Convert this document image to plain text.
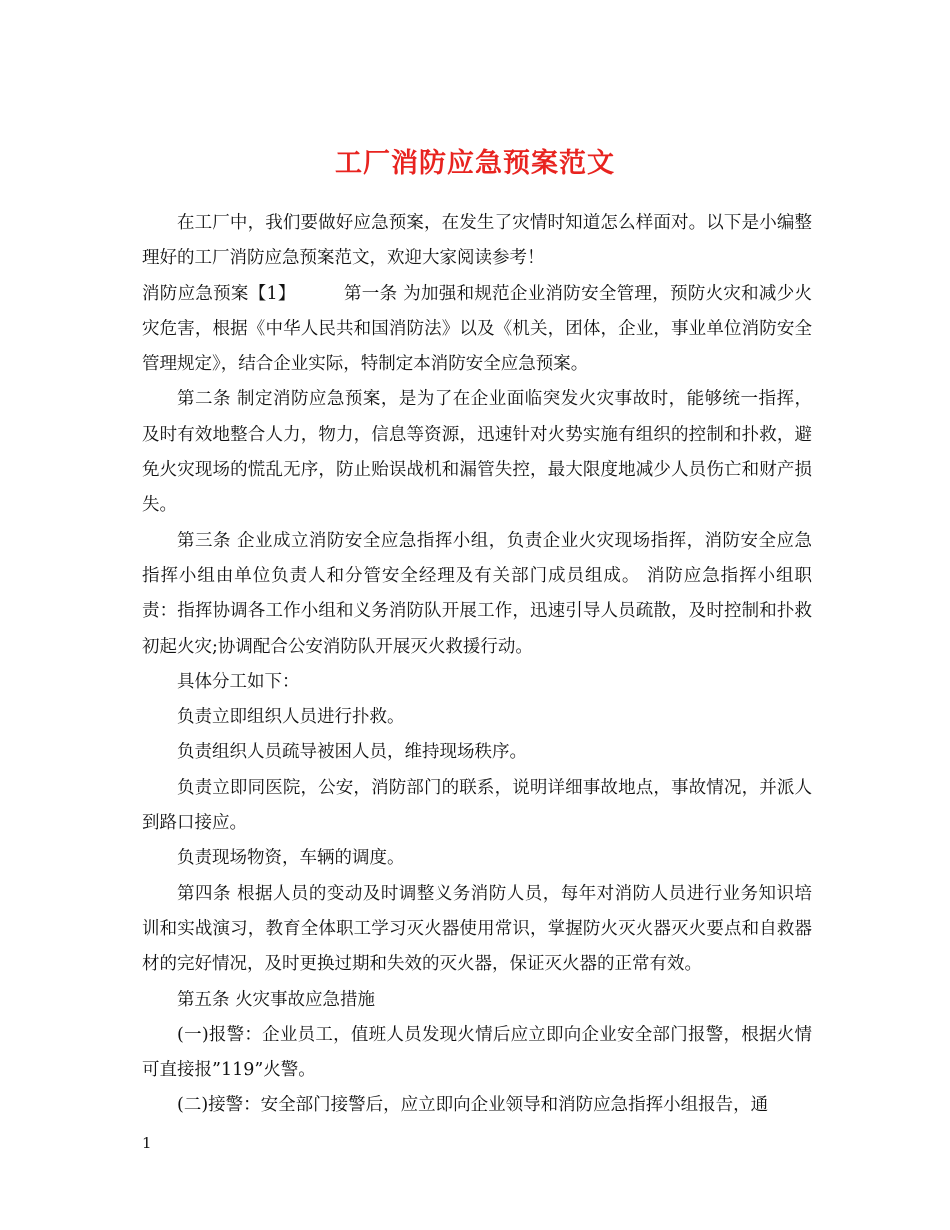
工厂消防应急预案范文

在工厂中，我们要做好应急预案，在发生了灾情时知道怎么样面对。以下是小编整理好的工厂消防应急预案范文，欢迎大家阅读参考！

消防应急预案【1】	第一条 为加强和规范企业消防安全管理，预防火灾和减少火灾危害，根据《中华人民共和国消防法》以及《机关，团体，企业，事业单位消防安全管理规定》，结合企业实际，特制定本消防安全应急预案。

第二条 制定消防应急预案，是为了在企业面临突发火灾事故时，能够统一指挥，及时有效地整合人力，物力，信息等资源，迅速针对火势实施有组织的控制和扑救，避免火灾现场的慌乱无序，防止贻误战机和漏管失控，最大限度地减少人员伤亡和财产损失。

第三条 企业成立消防安全应急指挥小组，负责企业火灾现场指挥，消防安全应急指挥小组由单位负责人和分管安全经理及有关部门成员组成。 消防应急指挥小组职责：指挥协调各工作小组和义务消防队开展工作，迅速引导人员疏散，及时控制和扑救初起火灾;协调配合公安消防队开展灭火救援行动。

具体分工如下：

负责立即组织人员进行扑救。

负责组织人员疏导被困人员，维持现场秩序。

负责立即同医院，公安，消防部门的联系，说明详细事故地点，事故情况，并派人到路口接应。

负责现场物资，车辆的调度。

第四条 根据人员的变动及时调整义务消防人员，每年对消防人员进行业务知识培训和实战演习，教育全体职工学习灭火器使用常识，掌握防火灭火器灭火要点和自救器材的完好情况，及时更换过期和失效的灭火器，保证灭火器的正常有效。

第五条 火灾事故应急措施

(一)报警：企业员工，值班人员发现火情后应立即向企业安全部门报警，根据火情可直接报”119”火警。

(二)接警：安全部门接警后，应立即向企业领导和消防应急指挥小组报告，通

1
